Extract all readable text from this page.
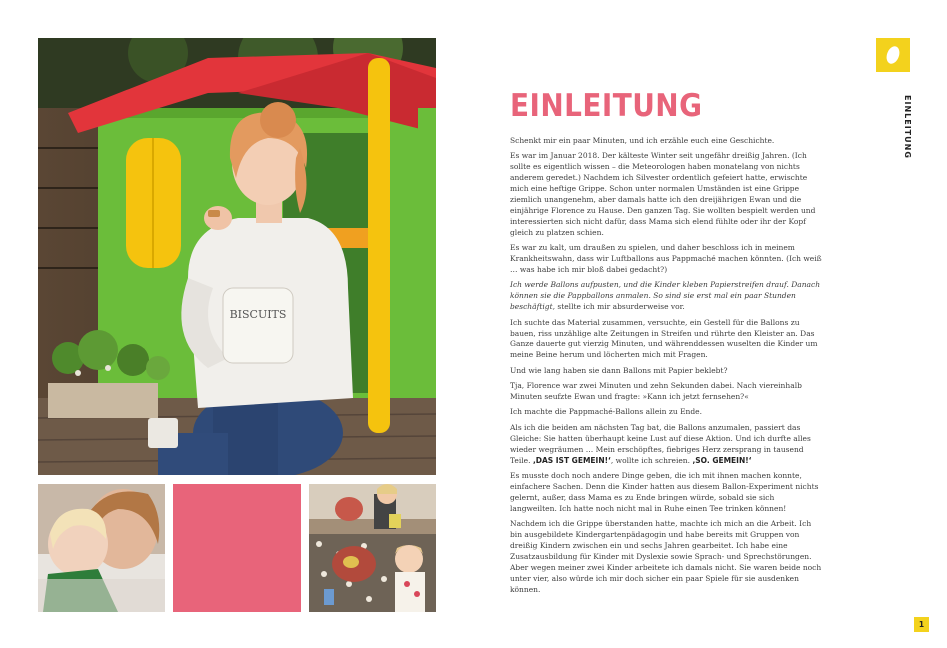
BISCUITS
EINLEITUNG

Schenkt mir ein paar Minuten, und ich erzähle euch eine Geschichte.

Es war im Januar 2018. Der kälteste Winter seit ungefähr dreißig Jahren. (Ich sollte es eigentlich wissen – die Meteorologen haben monatelang von nichts anderem geredet.) Nachdem ich Silvester ordentlich gefeiert hatte, erwischte mich eine heftige Grippe. Schon unter normalen Umständen ist eine Grippe ziemlich unangenehm, aber damals hatte ich den dreijährigen Ewan und die einjährige Florence zu Hause. Den ganzen Tag. Sie wollten bespielt werden und interessierten sich nicht dafür, dass Mama sich elend fühlte oder ihr der Kopf gleich zu platzen schien.

Es war zu kalt, um draußen zu spielen, und daher beschloss ich in meinem Krankheitswahn, dass wir Luftballons aus Pappmaché machen könnten. (Ich weiß … was habe ich mir bloß dabei gedacht?)

Ich werde Ballons aufpusten, und die Kinder kleben Papierstreifen drauf. Danach können sie die Pappballons anmalen. So sind sie erst mal ein paar Stunden beschäftigt, stellte ich mir absurderweise vor.

Ich suchte das Material zusammen, versuchte, ein Gestell für die Ballons zu bauen, riss unzählige alte Zeitungen in Streifen und rührte den Kleister an. Das Ganze dauerte gut vierzig Minuten, und währenddessen wuselten die Kinder um meine Beine herum und löcherten mich mit Fragen.

Und wie lang haben sie dann Ballons mit Papier beklebt?

Tja, Florence war zwei Minuten und zehn Sekunden dabei. Nach viereinhalb Minuten seufzte Ewan und fragte: »Kann ich jetzt fernsehen?«

Ich machte die Pappmaché-Ballons allein zu Ende.

Als ich die beiden am nächsten Tag bat, die Ballons anzumalen, passiert das Gleiche: Sie hatten überhaupt keine Lust auf diese Aktion. Und ich durfte alles wieder wegräumen … Mein erschöpftes, fiebriges Herz zersprang in tausend Teile. ‚DAS IST GEMEIN!‘, wollte ich schreien. ‚SO. GEMEIN!‘

Es musste doch noch andere Dinge geben, die ich mit ihnen machen konnte, einfachere Sachen. Denn die Kinder hatten aus diesem Ballon-Experiment nichts gelernt, außer, dass Mama es zu Ende bringen würde, sobald sie sich langweilten. Ich hatte noch nicht mal in Ruhe einen Tee trinken können!

Nachdem ich die Grippe überstanden hatte, machte ich mich an die Arbeit. Ich bin ausgebildete Kindergartenpädagogin und habe bereits mit Gruppen von dreißig Kindern zwischen ein und sechs Jahren gearbeitet. Ich habe eine Zusatzausbildung für Kinder mit Dyslexie sowie Sprach- und Sprechstörungen. Aber wegen meiner zwei Kinder arbeitete ich damals nicht. Sie waren beide noch unter vier, also würde ich mir doch sicher ein paar Spiele für sie ausdenken können.

EINLEITUNG
1
